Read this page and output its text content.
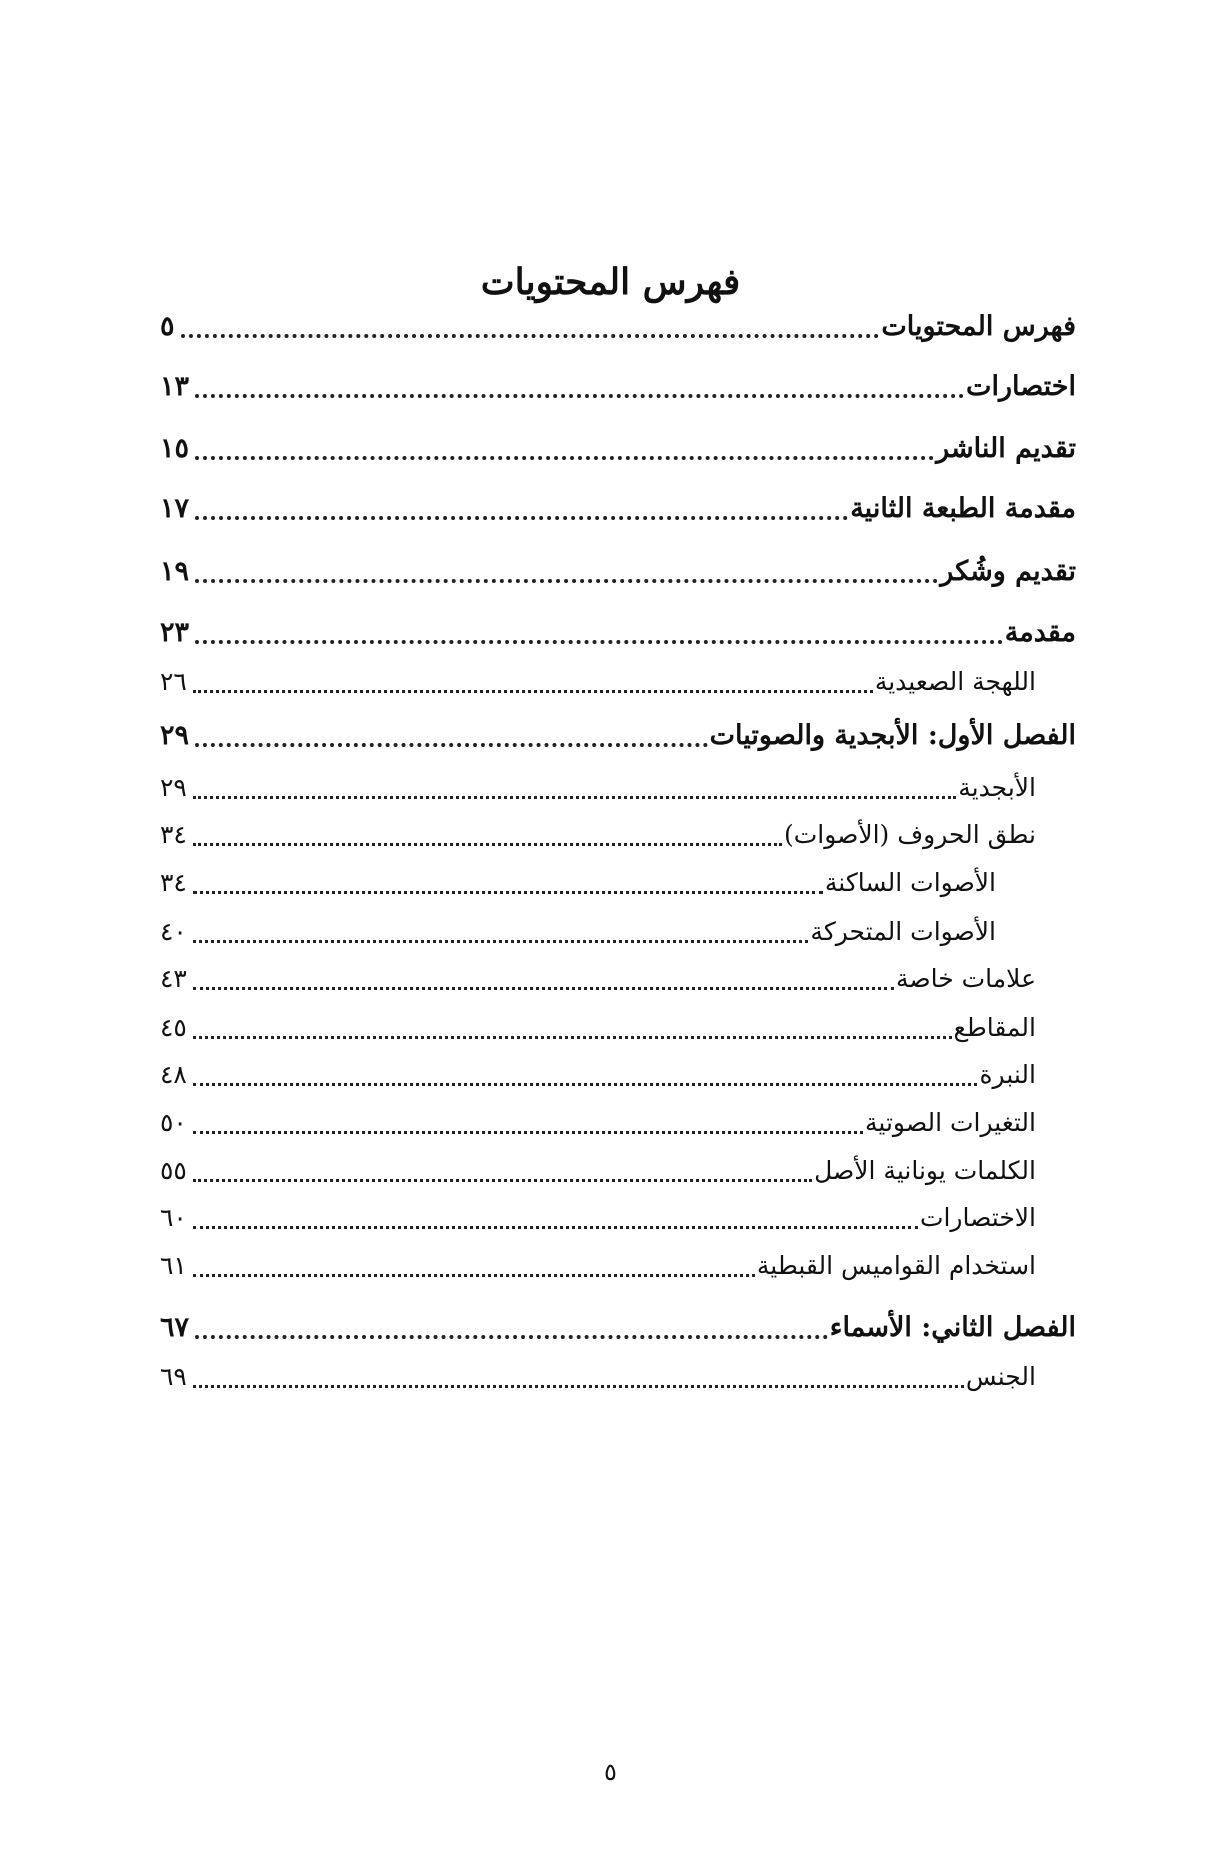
فهرس المحتويات
فهرس المحتويات
٥
اختصارات
١٣
تقديم الناشر
١٥
مقدمة الطبعة الثانية
١٧
تقديم وشُكر
١٩
مقدمة
٢٣
اللهجة الصعيدية
٢٦
الفصل الأول: الأبجدية والصوتيات
٢٩
الأبجدية
٢٩
نطق الحروف (الأصوات)
٣٤
الأصوات الساكنة
٣٤
الأصوات المتحركة
٤٠
علامات خاصة
٤٣
المقاطع
٤٥
النبرة
٤٨
التغيرات الصوتية
٥٠
الكلمات يونانية الأصل
٥٥
الاختصارات
٦٠
استخدام القواميس القبطية
٦١
الفصل الثاني: الأسماء
٦٧
الجنس
٦٩
٥
